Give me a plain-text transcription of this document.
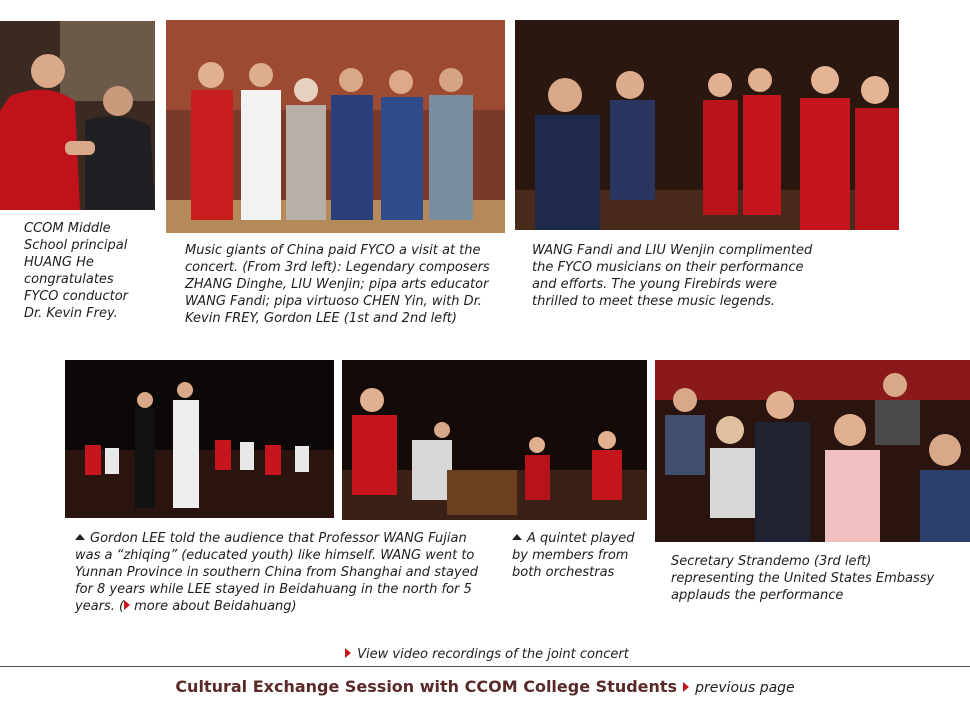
CCOM Middle School principal HUANG He congratulates FYCO conductor Dr. Kevin Frey.
Music giants of China paid FYCO a visit at the concert. (From 3rd left): Legendary composers ZHANG Dinghe, LIU Wenjin; pipa arts educator WANG Fandi; pipa virtuoso CHEN Yin, with Dr. Kevin FREY, Gordon LEE (1st and 2nd left)
WANG Fandi and LIU Wenjin complimented the FYCO musicians on their performance and efforts. The young Firebirds were thrilled to meet these music legends.
Gordon LEE told the audience that Professor WANG Fujian was a “zhiqing” (educated youth) like himself. WANG went to Yunnan Province in southern China from Shanghai and stayed for 8 years while LEE stayed in Beidahuang in the north for 5 years. ( more about Beidahuang)
A quintet played by members from both orchestras
Secretary Strandemo (3rd left) representing the United States Embassy applauds the performance
View video recordings of the joint concert
Cultural Exchange Session with CCOM College Students previous page
